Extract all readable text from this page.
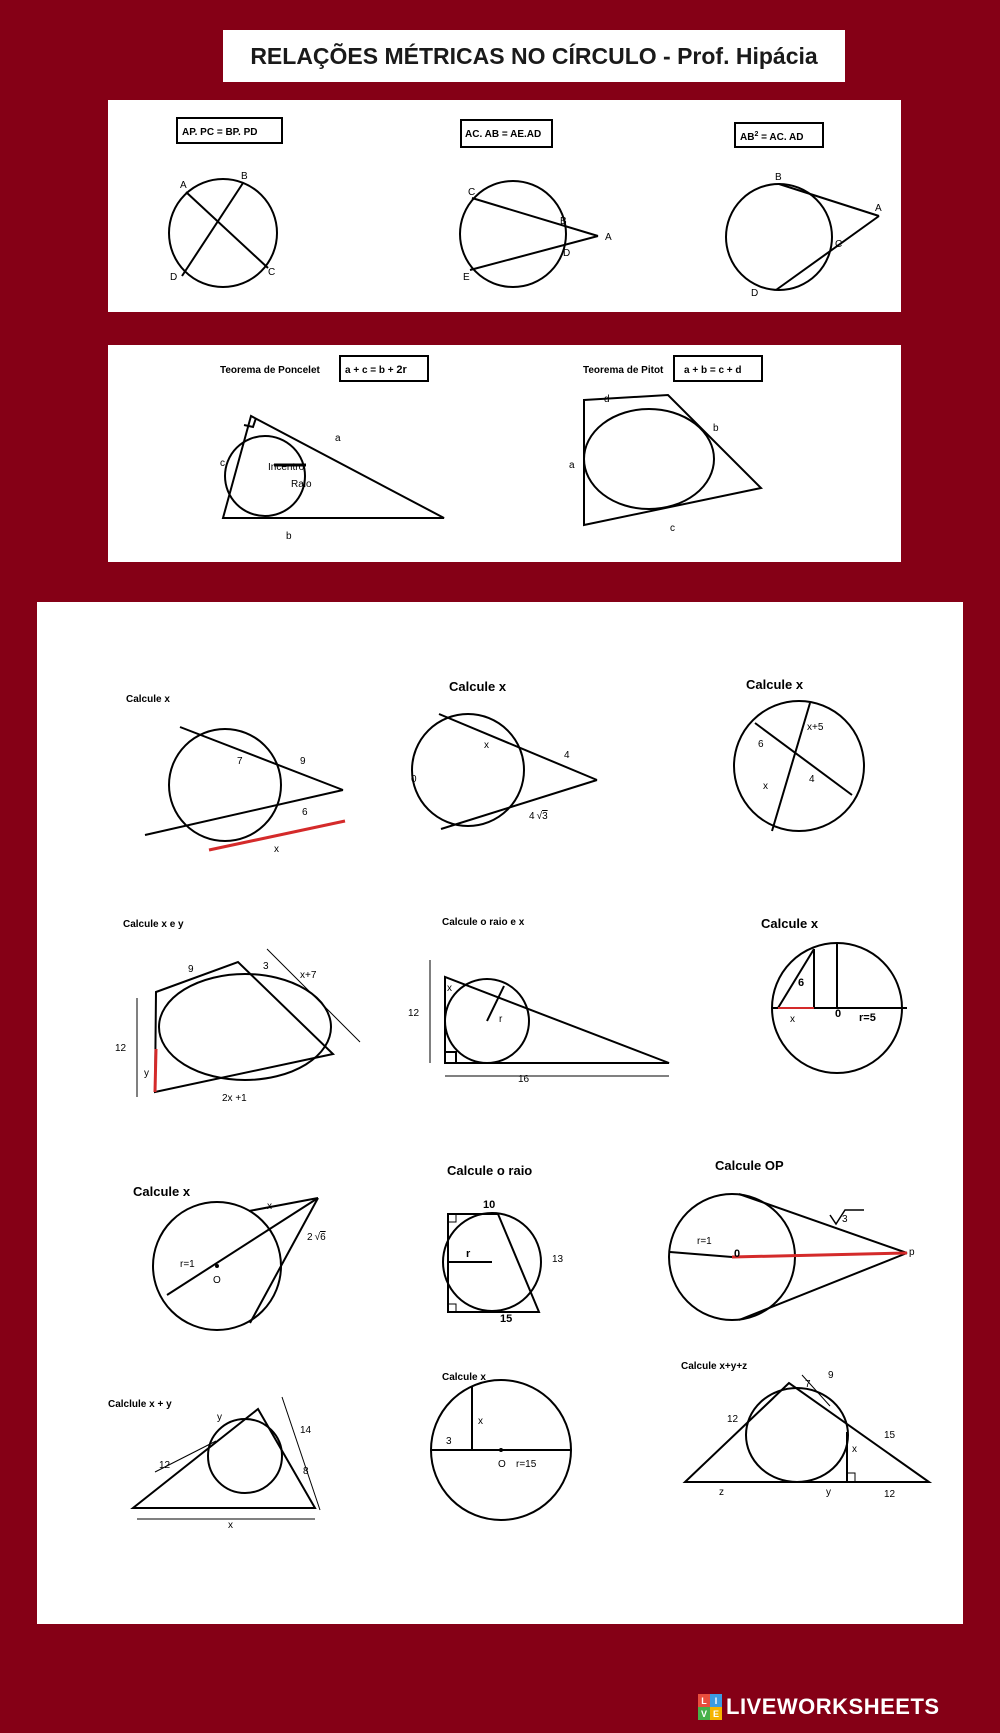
RELAÇÕES MÉTRICAS NO CÍRCULO - Prof. Hipácia
AP. PC = BP. PD	AC. AB = AE.AD	$AB^2$ = AC. AD
A
B
D	C
C
B
A
D
E
B
A
C
D
Teorema de Poncelet	a + c = b + 2r
a
c
b
Incentro
Raio
Teorema de Pitot a + b = c + d
d
b
a
c
Calcule x
7	9
6
x
Calcule x
0
x
4
4 √3
Calcule x
x+5
6
4
x
Calcule x e y
9	3
x+7
12
y
2x +1
Calcule o raio e x
x
12
r
16
Calcule x
6
x	0 r=5
Calcule x
x
r=1
O
2 √6
Calcule o raio
10
r	13
15
Calcule OP
3
r=1
0	p
Calclule x + y
y
14
12
8
x
Calcule x
x
3
O r=15
Calcule x+y+z
7
9
12
15
x
z	y	12
L I
V E LIVEWORKSHEETS
